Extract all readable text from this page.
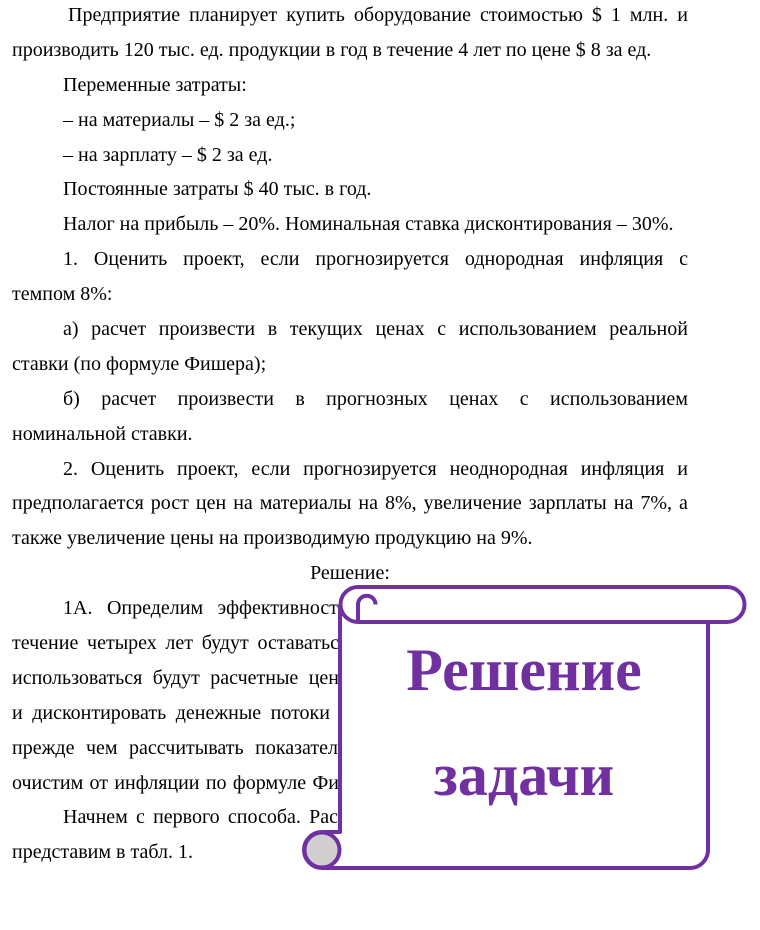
Предприятие планирует купить оборудование стоимостью $ 1 млн. и
производить 120 тыс. ед. продукции в год в течение 4 лет по цене $ 8 за ед.
Переменные затраты:
– на материалы – $ 2 за ед.;
– на зарплату – $ 2 за ед.
Постоянные затраты $ 40 тыс. в год.
Налог на прибыль – 20%. Номинальная ставка дисконтирования – 30%.
1. Оценить проект, если прогнозируется однородная инфляция с
темпом 8%:
а) расчет произвести в текущих ценах с использованием реальной
ставки (по формуле Фишера);
б) расчет произвести в прогнозных ценах с использованием
номинальной ставки.
2. Оценить проект, если прогнозируется неоднородная инфляция и
предполагается рост цен на материалы на 8%, увеличение зарплаты на 7%, а
также увеличение цены на производимую продукцию на 9%.
Решение:
1А. Определим эффективност
течение четырех лет будут оставатьс
использоваться будут расчетные цен
и дисконтировать денежные потоки
прежде чем рассчитывать показател
очистим от инфляции по формуле Фи
Начнем с первого способа. Рас
представим в табл. 1.
Решение
задачи
